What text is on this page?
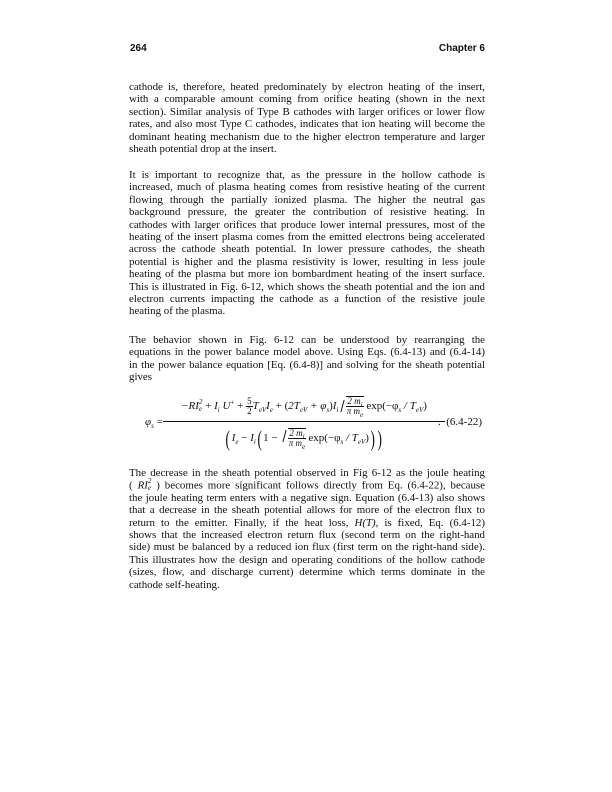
264	Chapter 6
cathode is, therefore, heated predominately by electron heating of the insert,
with a comparable amount coming from orifice heating (shown in the next
section). Similar analysis of Type B cathodes with larger orifices or lower flow
rates, and also most Type C cathodes, indicates that ion heating will become the
dominant heating mechanism due to the higher electron temperature and larger
sheath potential drop at the insert.
It is important to recognize that, as the pressure in the hollow cathode is
increased, much of plasma heating comes from resistive heating of the current
flowing through the partially ionized plasma. The higher the neutral gas
background pressure, the greater the contribution of resistive heating. In
cathodes with larger orifices that produce lower internal pressures, most of the
heating of the insert plasma comes from the emitted electrons being accelerated
across the cathode sheath potential. In lower pressure cathodes, the sheath
potential is higher and the plasma resistivity is lower, resulting in less joule
heating of the plasma but more ion bombardment heating of the insert surface.
This is illustrated in Fig. 6-12, which shows the sheath potential and the ion and
electron currents impacting the cathode as a function of the resistive joule
heating of the plasma.
The behavior shown in Fig. 6-12 can be understood by rearranging the
equations in the power balance model above. Using Eqs. (6.4-13) and (6.4-14)
in the power balance equation [Eq. (6.4-8)] and solving for the sheath potential
gives
$\varphi_s$ =
−RI 2
$e + I_i$ $U^+ + \frac{5}{2} T_{eV}I_e + (2T_{eV} + \varphi_s)I_i \frac{2 m_i}{\pi m_e} \exp(-\varphi_s / T_{eV})$
($I_e - I_i(1 - \frac{2 m_i}{\pi m_e} \exp(-\varphi_s / T_{eV}))$ )
. (6.4-22)
The decrease in the sheath potential observed in Fig 6-12 as the joule heating
( RI 2
e ) becomes more significant follows directly from Eq. (6.4-22), because
the joule heating term enters with a negative sign. Equation (6.4-13) also shows
that a decrease in the sheath potential allows for more of the electron flux to
return to the emitter. Finally, if the heat loss, H(T), is fixed, Eq. (6.4-12)
shows that the increased electron return flux (second term on the right-hand
side) must be balanced by a reduced ion flux (first term on the right-hand side).
This illustrates how the design and operating conditions of the hollow cathode
(sizes, flow, and discharge current) determine which terms dominate in the
cathode self-heating.
